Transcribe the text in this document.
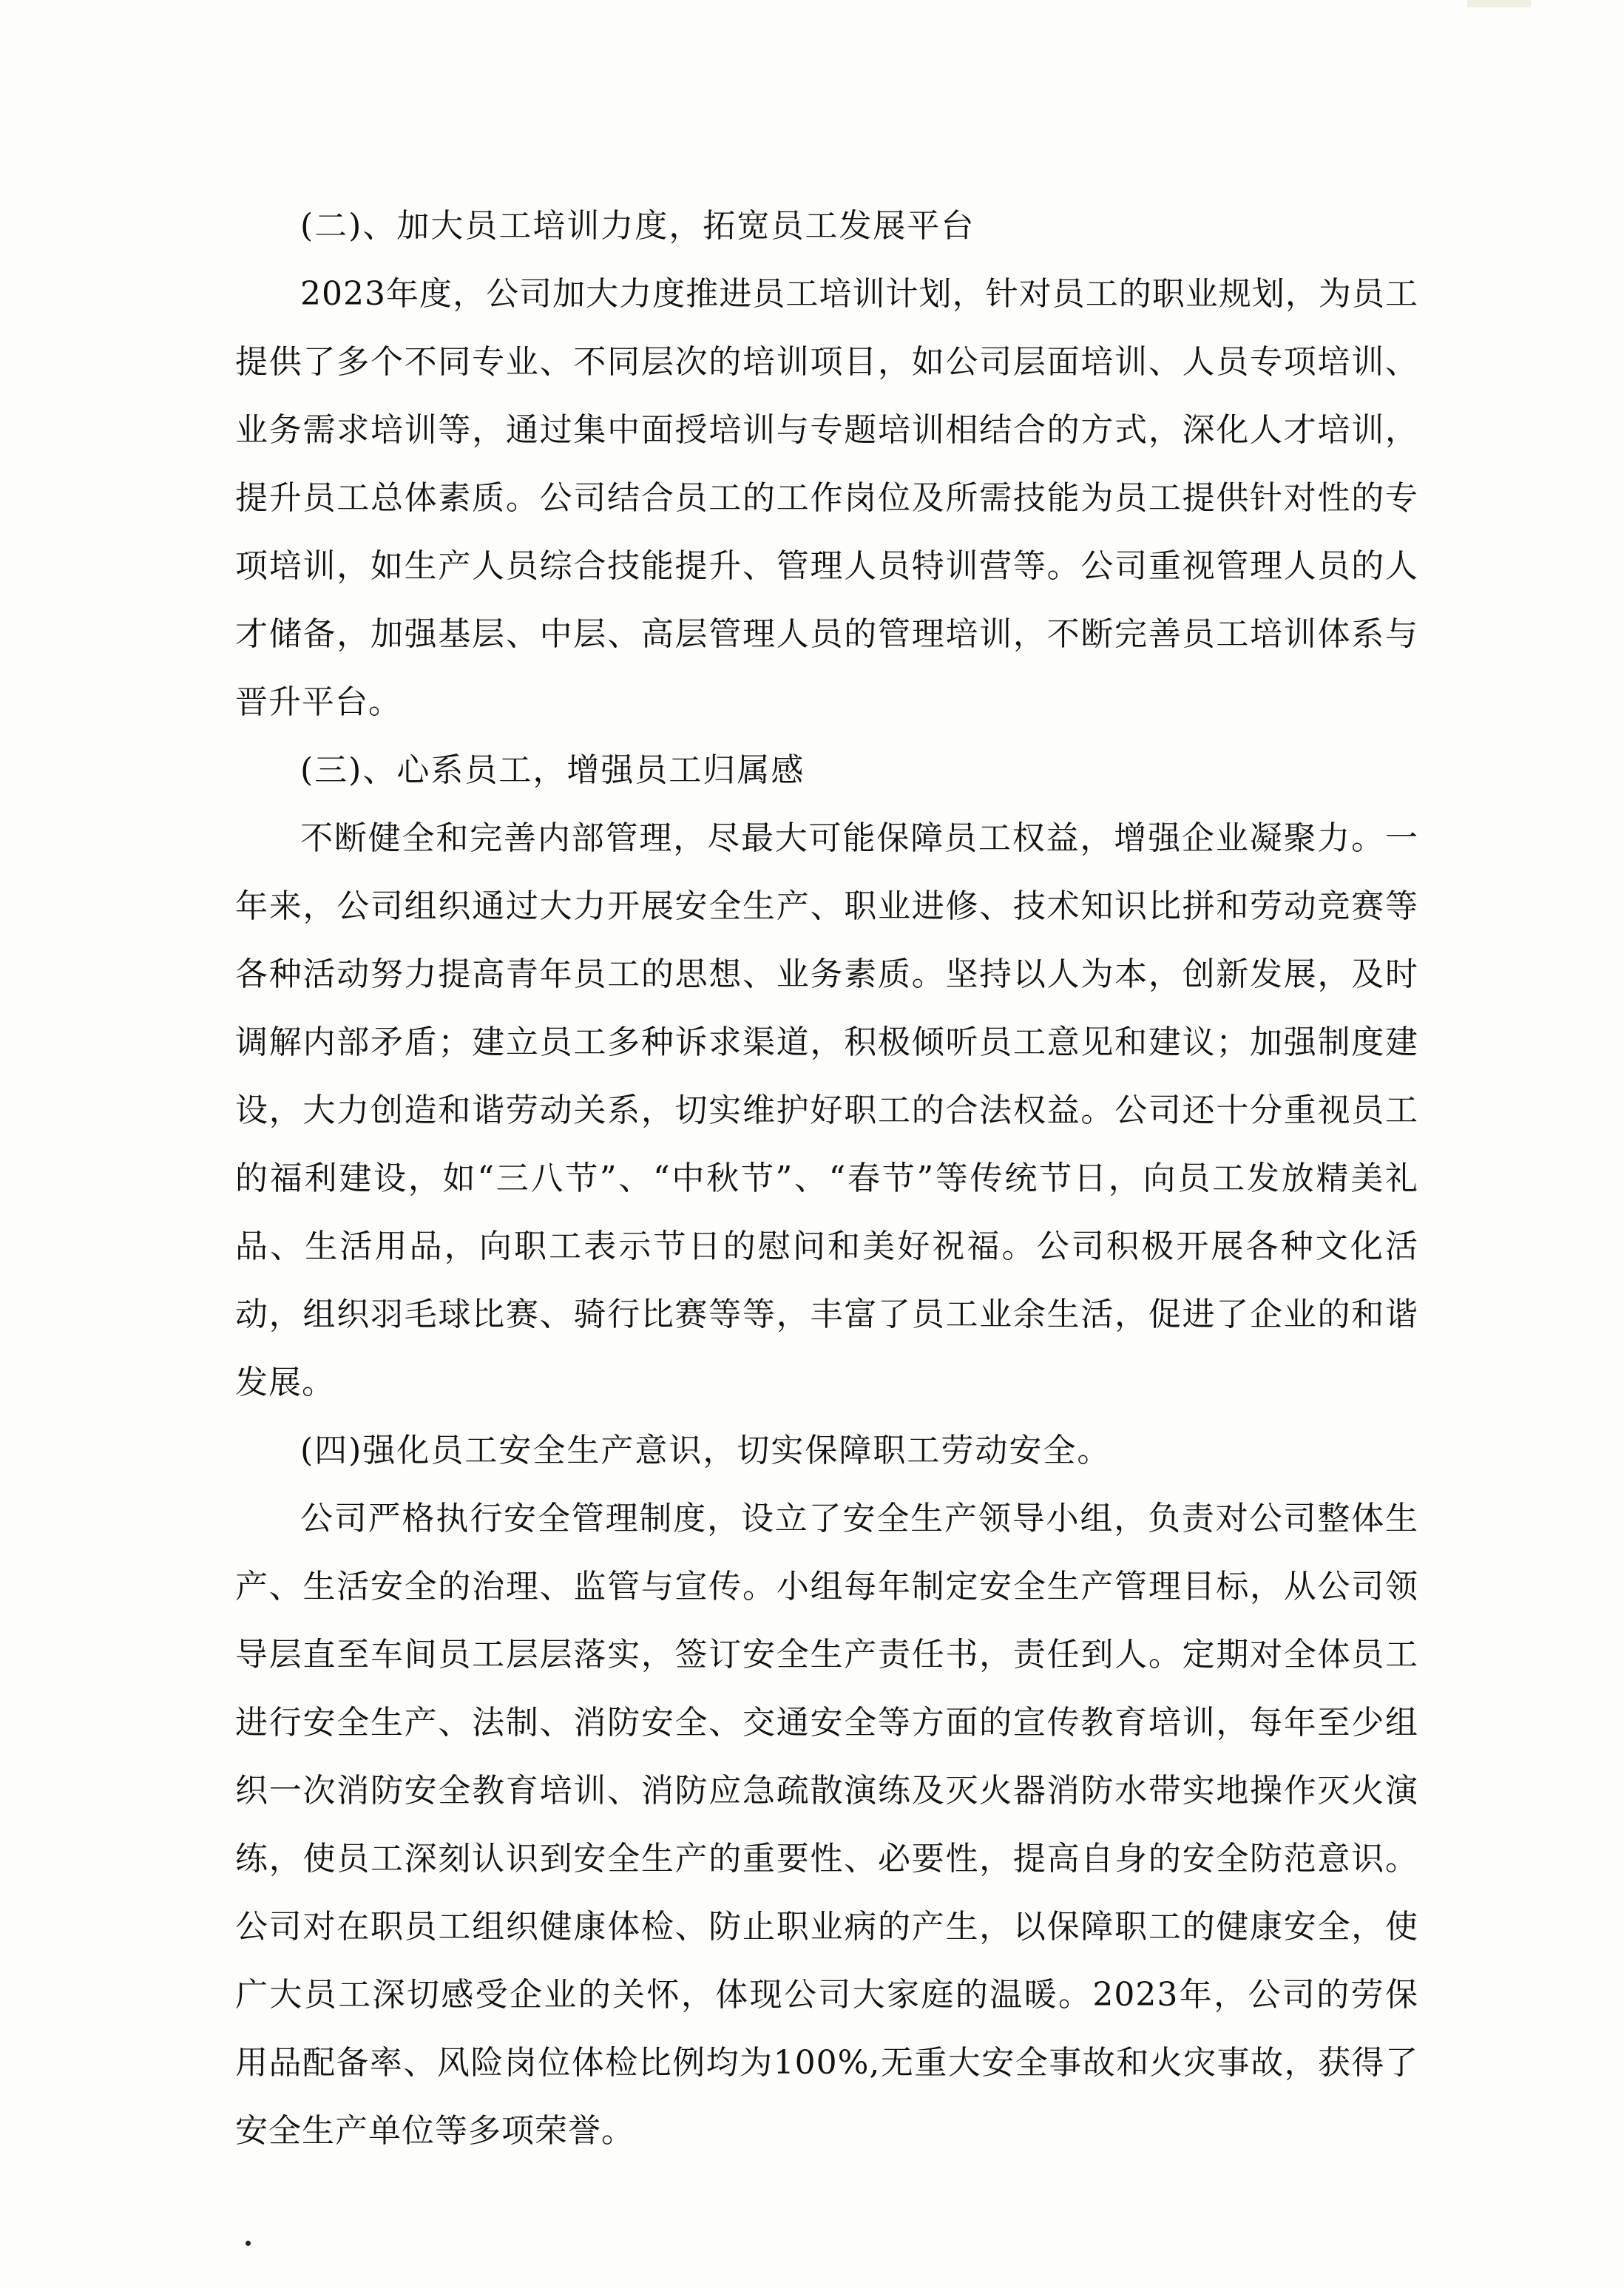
(二)、加大员工培训力度，拓宽员工发展平台

2023年度，公司加大力度推进员工培训计划，针对员工的职业规划，为员工提供了多个不同专业、不同层次的培训项目，如公司层面培训、人员专项培训、业务需求培训等，通过集中面授培训与专题培训相结合的方式，深化人才培训，提升员工总体素质。公司结合员工的工作岗位及所需技能为员工提供针对性的专项培训，如生产人员综合技能提升、管理人员特训营等。公司重视管理人员的人才储备，加强基层、中层、高层管理人员的管理培训，不断完善员工培训体系与晋升平台。

(三)、心系员工，增强员工归属感

不断健全和完善内部管理，尽最大可能保障员工权益，增强企业凝聚力。一年来，公司组织通过大力开展安全生产、职业进修、技术知识比拼和劳动竞赛等各种活动努力提高青年员工的思想、业务素质。坚持以人为本，创新发展，及时调解内部矛盾；建立员工多种诉求渠道，积极倾听员工意见和建议；加强制度建设，大力创造和谐劳动关系，切实维护好职工的合法权益。公司还十分重视员工的福利建设，如“三八节”、“中秋节”、“春节”等传统节日，向员工发放精美礼品、生活用品，向职工表示节日的慰问和美好祝福。公司积极开展各种文化活动，组织羽毛球比赛、骑行比赛等等，丰富了员工业余生活，促进了企业的和谐发展。

(四)强化员工安全生产意识，切实保障职工劳动安全。

公司严格执行安全管理制度，设立了安全生产领导小组，负责对公司整体生产、生活安全的治理、监管与宣传。小组每年制定安全生产管理目标，从公司领导层直至车间员工层层落实，签订安全生产责任书，责任到人。定期对全体员工进行安全生产、法制、消防安全、交通安全等方面的宣传教育培训，每年至少组织一次消防安全教育培训、消防应急疏散演练及灭火器消防水带实地操作灭火演练，使员工深刻认识到安全生产的重要性、必要性，提高自身的安全防范意识。公司对在职员工组织健康体检、防止职业病的产生，以保障职工的健康安全，使广大员工深切感受企业的关怀，体现公司大家庭的温暖。2023年，公司的劳保用品配备率、风险岗位体检比例均为100%,无重大安全事故和火灾事故，获得了安全生产单位等多项荣誉。
